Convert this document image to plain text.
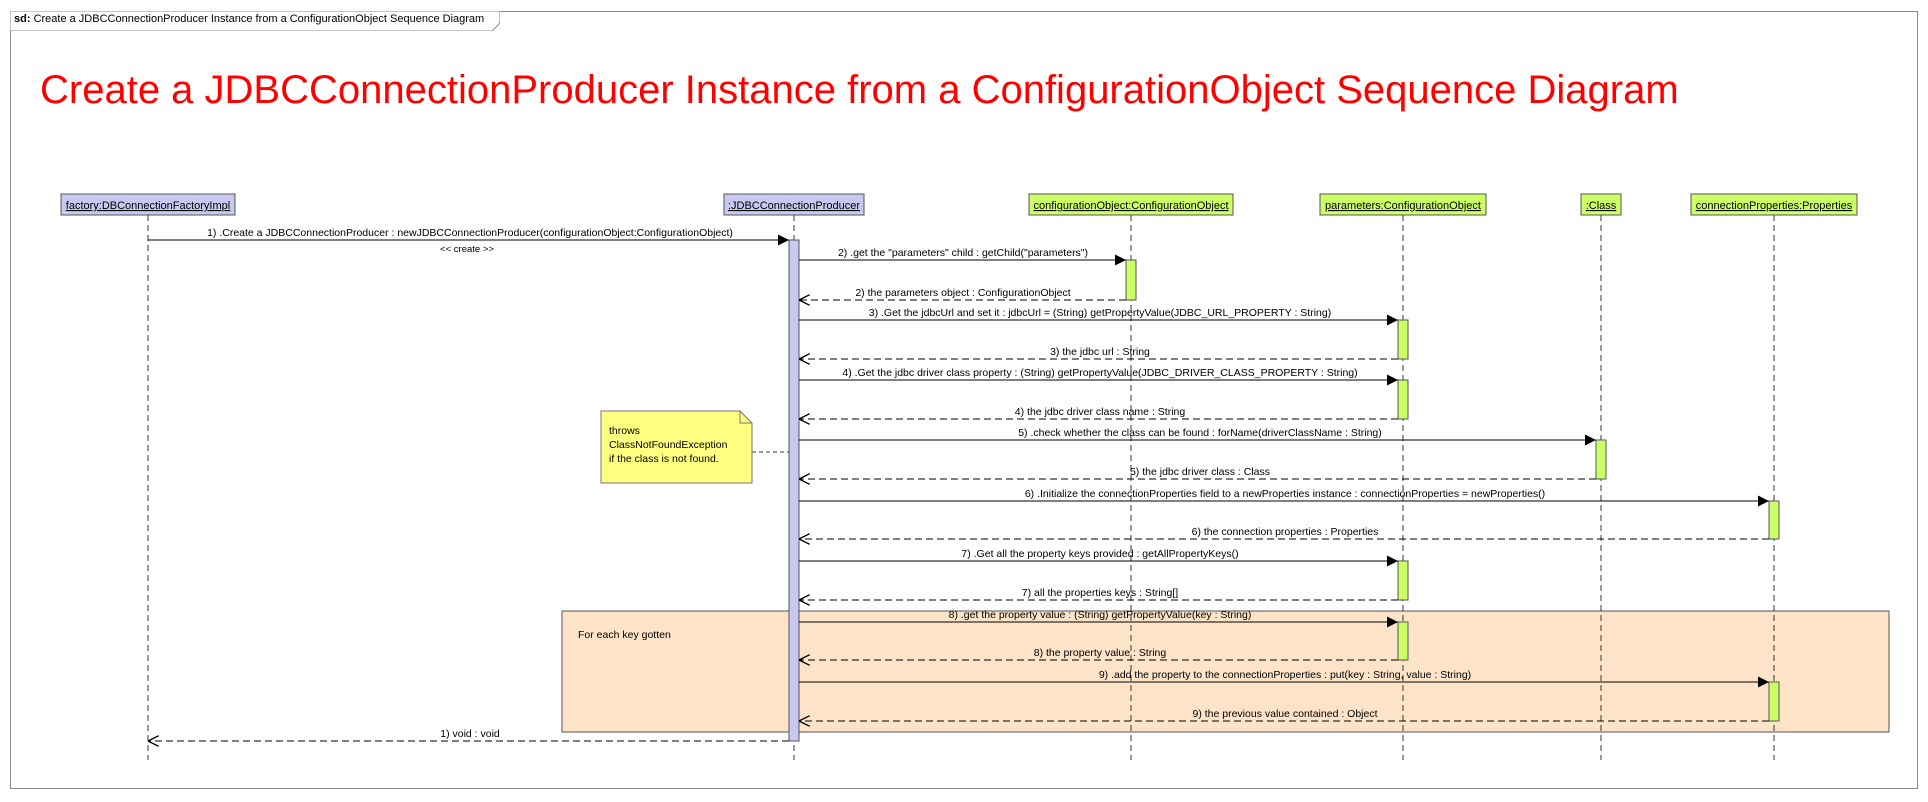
sd: Create a JDBCConnectionProducer Instance from a ConfigurationObject Sequence Diagram
Create a JDBCConnectionProducer Instance from a ConfigurationObject Sequence Diagram
For each key gotten
factory:DBConnectionFactoryImpl	:JDBCConnectionProducer	configurationObject:ConfigurationObject	parameters:ConfigurationObject	:Class	connectionProperties:Properties
1) .Create a JDBCConnectionProducer : newJDBCConnectionProducer(configurationObject:ConfigurationObject)
<< create >>	2) .get the "parameters" child : getChild("parameters")
2) the parameters object : ConfigurationObject
3) .Get the jdbcUrl and set it : jdbcUrl = (String) getPropertyValue(JDBC_URL_PROPERTY : String)
3) the jdbc url : String
4) .Get the jdbc driver class property : (String) getPropertyValue(JDBC_DRIVER_CLASS_PROPERTY : String)
4) the jdbc driver class name : String
5) .check whether the class can be found : forName(driverClassName : String)
5) the jdbc driver class : Class
6) .Initialize the connectionProperties field to a newProperties instance : connectionProperties = newProperties()
6) the connection properties : Properties
7) .Get all the property keys provided : getAllPropertyKeys()
7) all the properties keys : String[]
8) .get the property value : (String) getPropertyValue(key : String)
8) the property value : String
9) .add the property to the connectionProperties : put(key : String, value : String)
9) the previous value contained : Object
1) void : void
throws
ClassNotFoundException
if the class is not found.
